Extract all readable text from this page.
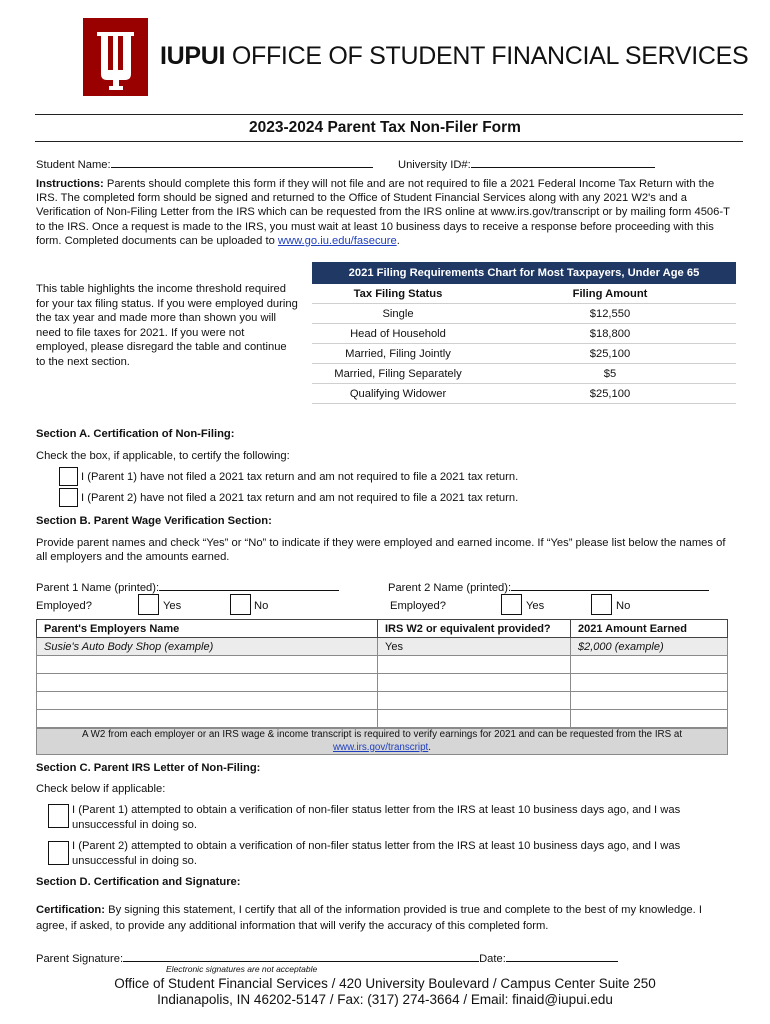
IUPUI OFFICE OF STUDENT FINANCIAL SERVICES
2023-2024 Parent Tax Non-Filer Form
Student Name:	University ID#:
Instructions: Parents should complete this form if they will not file and are not required to file a 2021 Federal Income Tax Return with the IRS. The completed form should be signed and returned to the Office of Student Financial Services along with any 2021 W2's and a Verification of Non-Filing Letter from the IRS which can be requested from the IRS online at www.irs.gov/transcript or by mailing form 4506-T to the IRS. Once a request is made to the IRS, you must wait at least 10 business days to receive a response before proceeding with this form. Completed documents can be uploaded to www.go.iu.edu/fasecure.
This table highlights the income threshold required for your tax filing status. If you were employed during the tax year and made more than shown you will need to file taxes for 2021. If you were not employed, please disregard the table and continue to the next section.
2021 Filing Requirements Chart for Most Taxpayers, Under Age 65
Tax Filing Status	Filing Amount
Single	$12,550
Head of Household	$18,800
Married, Filing Jointly	$25,100
Married, Filing Separately	$5
Qualifying Widower	$25,100
Section A. Certification of Non-Filing:
Check the box, if applicable, to certify the following:
I (Parent 1) have not filed a 2021 tax return and am not required to file a 2021 tax return.
I (Parent 2) have not filed a 2021 tax return and am not required to file a 2021 tax return.
Section B. Parent Wage Verification Section:
Provide parent names and check “Yes” or “No” to indicate if they were employed and earned income. If “Yes” please list below the names of all employers and the amounts earned.
Parent 1 Name (printed):	Parent 2 Name (printed):
Employed?	Yes	No	Employed?	Yes	No
Parent's Employers Name	IRS W2 or equivalent provided?	2021 Amount Earned
Susie's Auto Body Shop (example)	Yes	$2,000 (example)

A W2 from each employer or an IRS wage & income transcript is required to verify earnings for 2021 and can be requested from the IRS at
www.irs.gov/transcript.
Section C. Parent IRS Letter of Non-Filing:
Check below if applicable:
I (Parent 1) attempted to obtain a verification of non-filer status letter from the IRS at least 10 business days ago, and I was unsuccessful in doing so.
I (Parent 2) attempted to obtain a verification of non-filer status letter from the IRS at least 10 business days ago, and I was unsuccessful in doing so.
Section D. Certification and Signature:
Certification: By signing this statement, I certify that all of the information provided is true and complete to the best of my knowledge. I agree, if asked, to provide any additional information that will verify the accuracy of this completed form.
Parent Signature:	Date:
Electronic signatures are not acceptable
Office of Student Financial Services / 420 University Boulevard / Campus Center Suite 250
Indianapolis, IN 46202-5147 / Fax: (317) 274-3664 / Email: finaid@iupui.edu
